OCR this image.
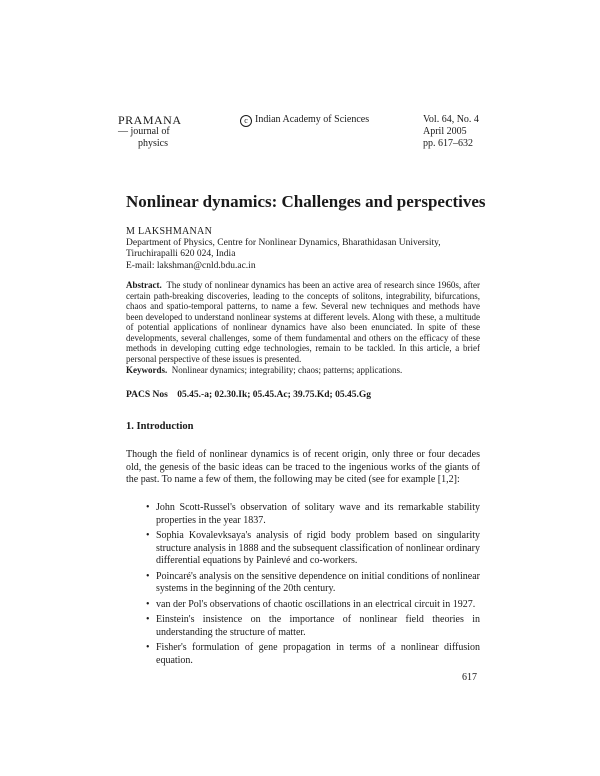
PRAMANA
— journal of
physics
c Indian Academy of Sciences	Vol. 64, No. 4
April 2005
pp. 617–632
Nonlinear dynamics: Challenges and perspectives
M LAKSHMANAN
Department of Physics, Centre for Nonlinear Dynamics, Bharathidasan University,
Tiruchirapalli 620 024, India
E-mail: lakshman@cnld.bdu.ac.in

Abstract. The study of nonlinear dynamics has been an active area of research since 1960s, after certain path-breaking discoveries, leading to the concepts of solitons, integrability, bifurcations, chaos and spatio-temporal patterns, to name a few. Several new techniques and methods have been developed to understand nonlinear systems at different levels. Along with these, a multitude of potential applications of nonlinear dynamics have also been enunciated. In spite of these developments, several challenges, some of them fundamental and others on the efficacy of these methods in developing cutting edge technologies, remain to be tackled. In this article, a brief personal perspective of these issues is presented.

Keywords. Nonlinear dynamics; integrability; chaos; patterns; applications.

PACS Nos 05.45.-a; 02.30.Ik; 05.45.Ac; 39.75.Kd; 05.45.Gg

1. Introduction

Though the field of nonlinear dynamics is of recent origin, only three or four decades old, the genesis of the basic ideas can be traced to the ingenious works of the giants of the past. To name a few of them, the following may be cited (see for example [1,2]:

• John Scott-Russel's observation of solitary wave and its remarkable stability properties in the year 1837.
• Sophia Kovalevksaya's analysis of rigid body problem based on singularity structure analysis in 1888 and the subsequent classification of nonlinear ordinary differential equations by Painlevé and co-workers.
• Poincaré's analysis on the sensitive dependence on initial conditions of nonlinear systems in the beginning of the 20th century.
• van der Pol's observations of chaotic oscillations in an electrical circuit in 1927.
• Einstein's insistence on the importance of nonlinear field theories in understanding the structure of matter.
• Fisher's formulation of gene propagation in terms of a nonlinear diffusion equation.
617
